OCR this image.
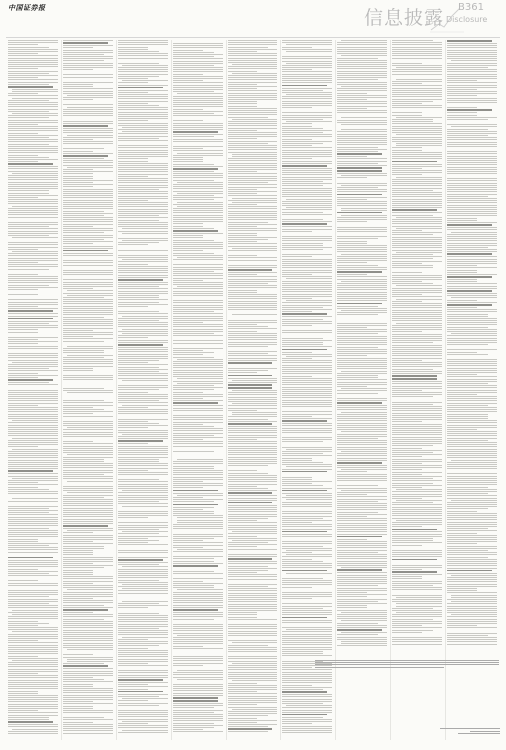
中国证券报	信息披露 B361
Disclosure
